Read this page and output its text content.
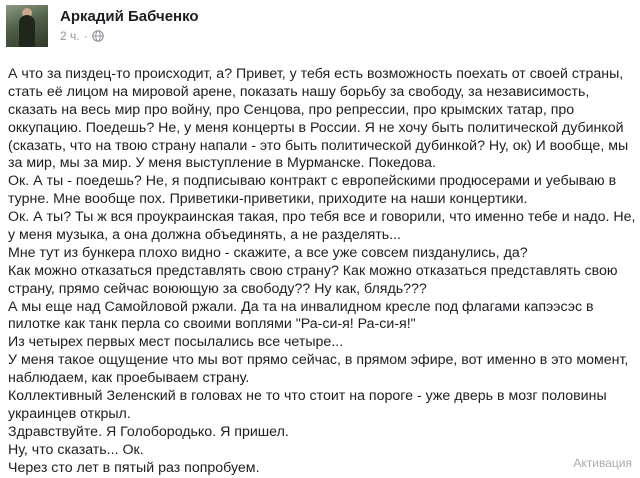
Аркадий Бабченко
2 ч. ·
А что за пиздец-то происходит, а? Привет, у тебя есть возможность поехать от своей страны,
стать её лицом на мировой арене, показать нашу борьбу за свободу, за независимость,
сказать на весь мир про войну, про Сенцова, про репрессии, про крымских татар, про
оккупацию. Поедешь? Не, у меня концерты в России. Я не хочу быть политической дубинкой
(сказать, что на твою страну напали - это быть политической дубинкой? Ну, ок) И вообще, мы
за мир, мы за мир. У меня выступление в Мурманске. Покедова.
Ок. А ты - поедешь? Не, я подписываю контракт с европейскими продюсерами и уебываю в
турне. Мне вообще пох. Приветики-приветики, приходите на наши концертики.
Ок. А ты? Ты ж вся проукраинская такая, про тебя все и говорили, что именно тебе и надо. Не,
у меня музыка, а она должна объединять, а не разделять...
Мне тут из бункера плохо видно - скажите, а все уже совсем пизданулись, да?
Как можно отказаться представлять свою страну? Как можно отказаться представлять свою
страну, прямо сейчас воюющую за свободу?? Ну как, блядь???
А мы еще над Самойловой ржали. Да та на инвалидном кресле под флагами капээсэс в
пилотке как танк перла со своими воплями "Ра-си-я! Ра-си-я!"
Из четырех первых мест посылались все четыре...
У меня такое ощущение что мы вот прямо сейчас, в прямом эфире, вот именно в это момент,
наблюдаем, как проебываем страну.
Коллективный Зеленский в головах не то что стоит на пороге - уже дверь в мозг половины
украинцев открыл.
Здравствуйте. Я Голобородько. Я пришел.
Ну, что сказать... Ок.
Через сто лет в пятый раз попробуем.	Активация
